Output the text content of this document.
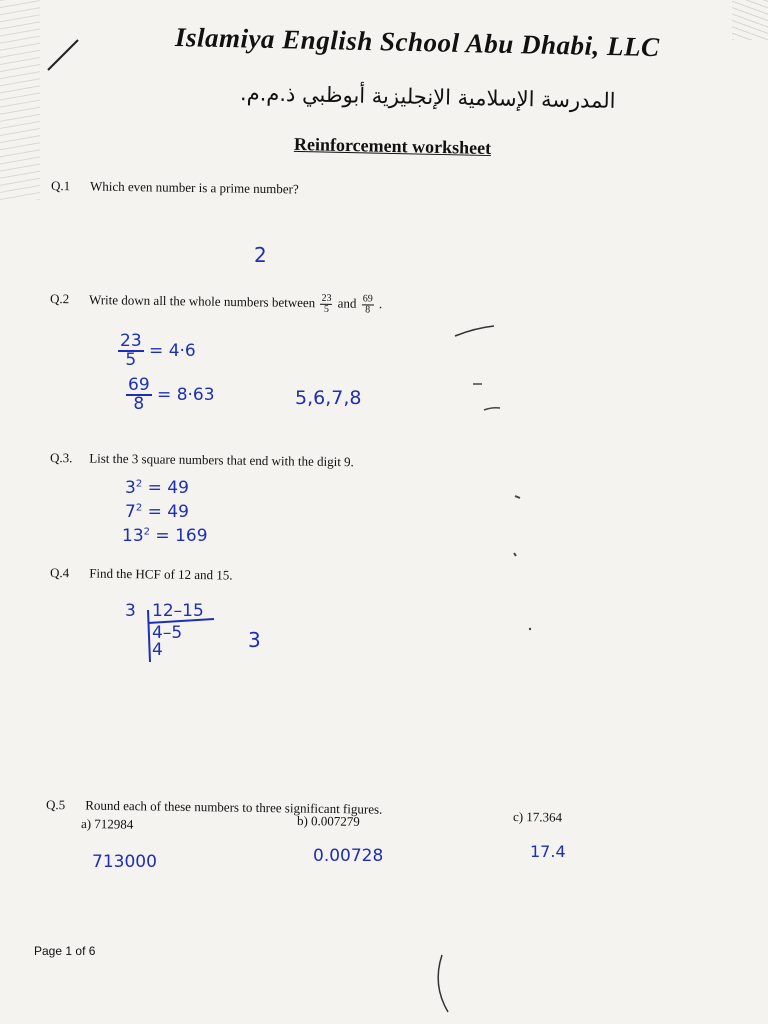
Islamiya English School Abu Dhabi, LLC
المدرسة الإسلامية الإنجليزية أبوظبي ذ.م.م.
Reinforcement worksheet
Q.1 Which even number is a prime number?
2
Q.2 Write down all the whole numbers between $\frac{23}{5}$ and $\frac{69}{8}$ .
$\frac{23}{5} = 4\cdot 6$
$\frac{69}{8} = 8\cdot 63$	5,6,7,8
Q.3. List the 3 square numbers that end with the digit 9.
$3^2 = 49$
$7^2 = 49$
$13^2 = 169$
Q.4 Find the HCF of 12 and 15.
3 12–15
4–5
4	3
Q.5 Round each of these numbers to three significant figures.
a) 712984	b) 0.007279	c) 17.364
713000	0.00728	17.4
Page 1 of 6
